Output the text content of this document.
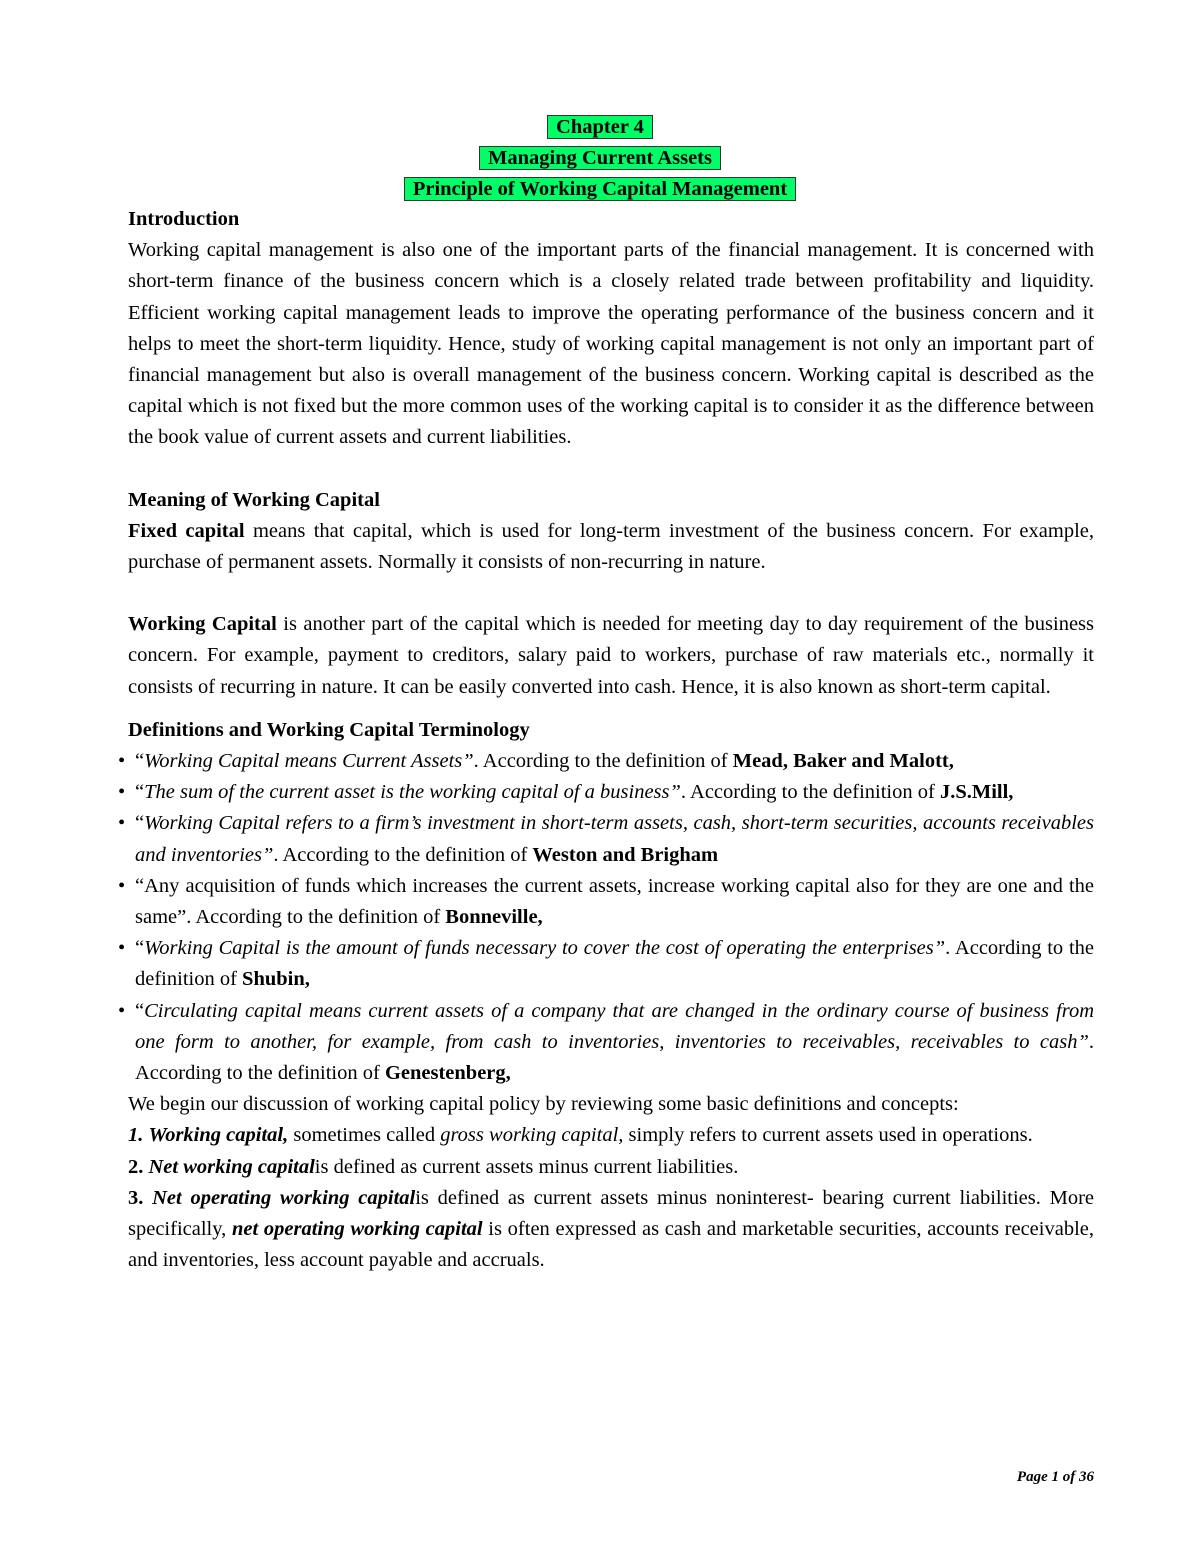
Chapter 4
Managing Current Assets
Principle of Working Capital Management
Introduction
Working capital management is also one of the important parts of the financial management. It is concerned with short-term finance of the business concern which is a closely related trade between profitability and liquidity. Efficient working capital management leads to improve the operating performance of the business concern and it helps to meet the short-term liquidity. Hence, study of working capital management is not only an important part of financial management but also is overall management of the business concern. Working capital is described as the capital which is not fixed but the more common uses of the working capital is to consider it as the difference between the book value of current assets and current liabilities.
Meaning of Working Capital
Fixed capital means that capital, which is used for long-term investment of the business concern. For example, purchase of permanent assets. Normally it consists of non-recurring in nature.
Working Capital is another part of the capital which is needed for meeting day to day requirement of the business concern. For example, payment to creditors, salary paid to workers, purchase of raw materials etc., normally it consists of recurring in nature. It can be easily converted into cash. Hence, it is also known as short-term capital.
Definitions and Working Capital Terminology
• “Working Capital means Current Assets”. According to the definition of Mead, Baker and Malott,
• “The sum of the current asset is the working capital of a business”. According to the definition of J.S.Mill,
• “Working Capital refers to a firm’s investment in short-term assets, cash, short-term securities, accounts receivables and inventories”. According to the definition of Weston and Brigham
• “Any acquisition of funds which increases the current assets, increase working capital also for they are one and the same”. According to the definition of Bonneville,
• “Working Capital is the amount of funds necessary to cover the cost of operating the enterprises”. According to the definition of Shubin,
• “Circulating capital means current assets of a company that are changed in the ordinary course of business from one form to another, for example, from cash to inventories, inventories to receivables, receivables to cash”. According to the definition of Genestenberg,
We begin our discussion of working capital policy by reviewing some basic definitions and concepts:
1. Working capital, sometimes called gross working capital, simply refers to current assets used in operations.
2. Net working capitalis defined as current assets minus current liabilities.
3. Net operating working capitalis defined as current assets minus noninterest- bearing current liabilities. More specifically, net operating working capital is often expressed as cash and marketable securities, accounts receivable, and inventories, less account payable and accruals.
Page 1 of 36
